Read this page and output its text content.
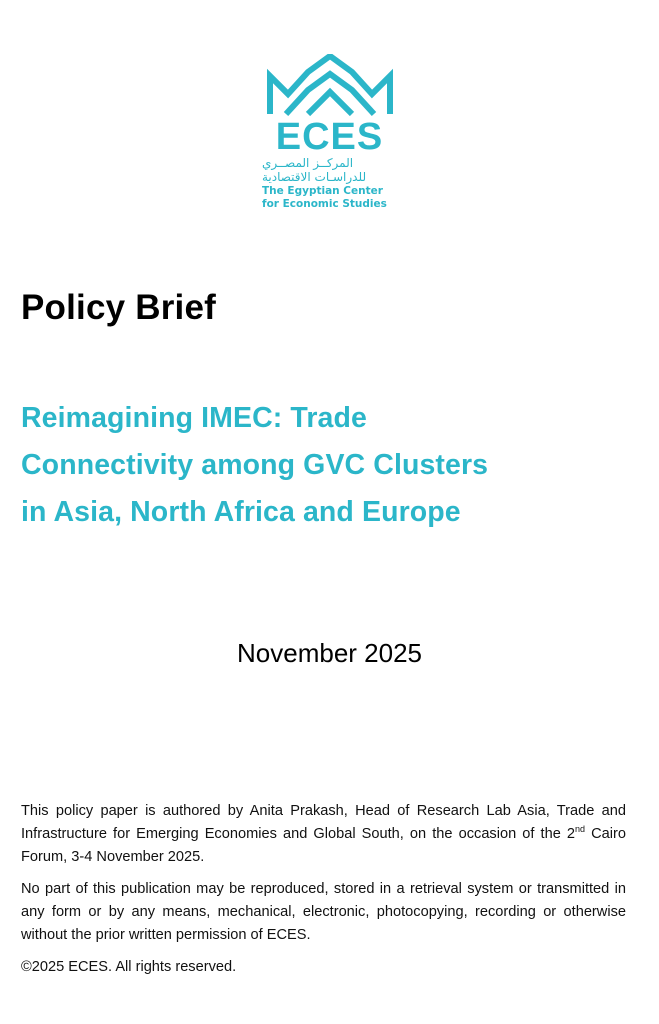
ECES
المركــز المصــري
للدراسـات الاقتصادية
The Egyptian Center
for Economic Studies
Policy Brief
Reimagining IMEC: Trade
Connectivity among GVC Clusters
in Asia, North Africa and Europe
November 2025

This policy paper is authored by Anita Prakash, Head of Research Lab Asia, Trade and Infrastructure for Emerging Economies and Global South, on the occasion of the 2nd Cairo Forum, 3-4 November 2025.

No part of this publication may be reproduced, stored in a retrieval system or transmitted in any form or by any means, mechanical, electronic, photocopying, recording or otherwise without the prior written permission of ECES.

©2025 ECES. All rights reserved.
